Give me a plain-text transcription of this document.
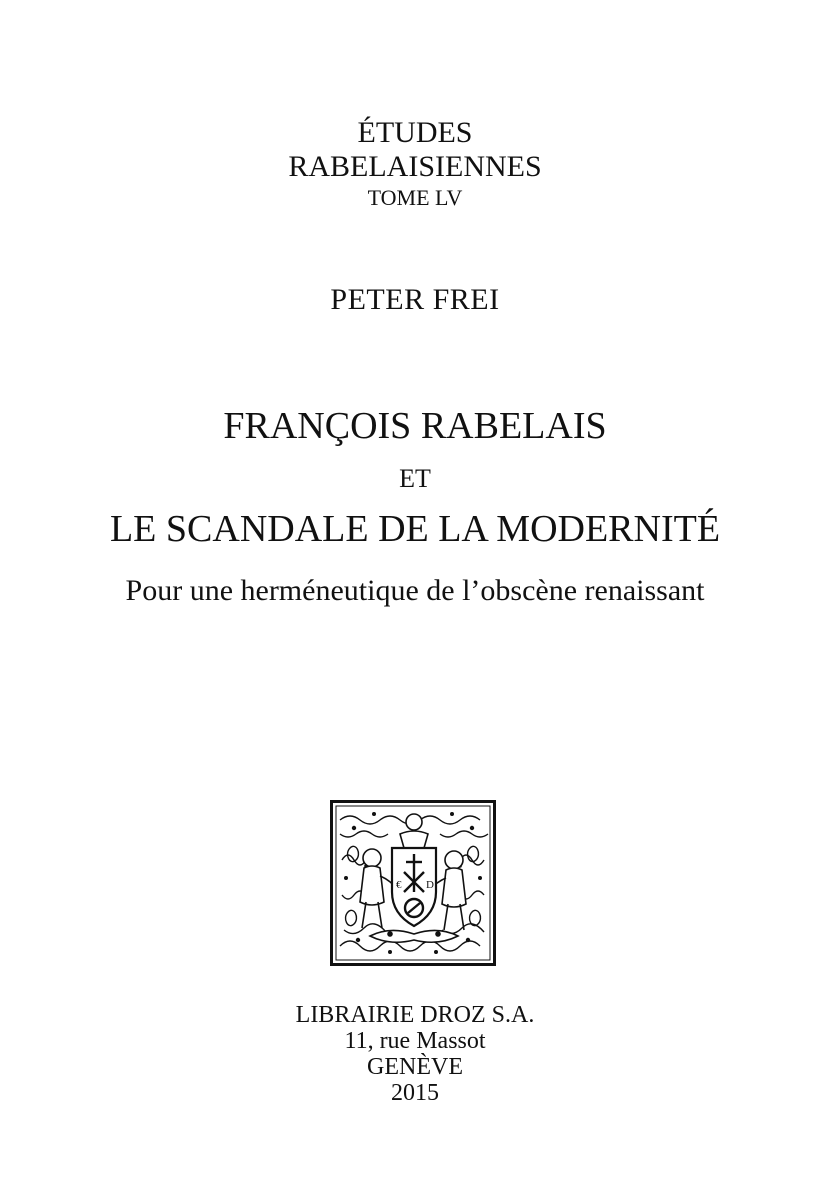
ÉTUDES
RABELAISIENNES
TOME LV
PETER FREI
FRANÇOIS RABELAIS
ET
LE SCANDALE DE LA MODERNITÉ
Pour une herméneutique de l’obscène renaissant
€ D
LIBRAIRIE DROZ S.A.
11, rue Massot
GENÈVE
2015
